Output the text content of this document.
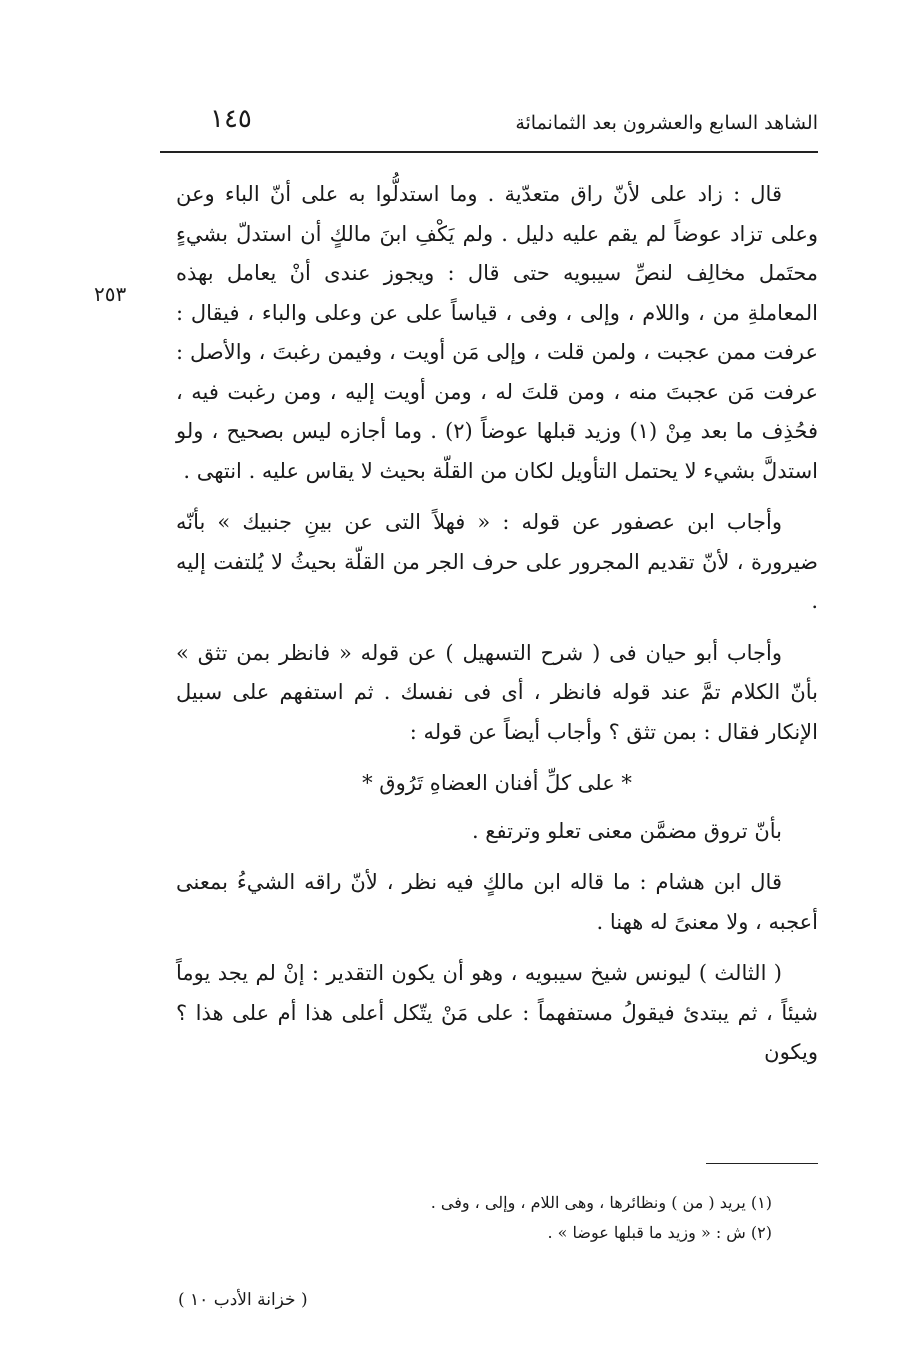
الشاهد السابع والعشرون بعد الثمانمائة
١٤٥
٢٥٣

قال : زاد على لأنّ راق متعدّية . وما استدلُّوا به على أنّ الباء وعن وعلى تزاد عوضاً لم يقم عليه دليل . ولم يَكْفِ ابنَ مالكٍ أن استدلّ بشيءٍ محتَمل مخالِف لنصِّ سيبويه حتى قال : ويجوز عندى أنْ يعامل بهذه المعاملةِ من ، واللام ، وإلى ، وفى ، قياساً على عن وعلى والباء ، فيقال : عرفت ممن عجبت ، ولمن قلت ، وإلى مَن أويت ، وفيمن رغبتَ ، والأصل : عرفت مَن عجبتَ منه ، ومن قلتَ له ، ومن أويت إليه ، ومن رغبت فيه ، فحُذِف ما بعد مِنْ (١) وزيد قبلها عوضاً (٢) . وما أجازه ليس بصحيح ، ولو استدلَّ بشيء لا يحتمل التأويل لكان من القلّة بحيث لا يقاس عليه . انتهى .

وأجاب ابن عصفور عن قوله : « فهلاً التى عن بينِ جنبيك » بأنّه ضيرورة ، لأنّ تقديم المجرور على حرف الجر من القلّة بحيثُ لا يُلتفت إليه .

وأجاب أبو حيان فى ( شرح التسهيل ) عن قوله « فانظر بمن تثق » بأنّ الكلام تمَّ عند قوله فانظر ، أى فى نفسك . ثم استفهم على سبيل الإنكار فقال : بمن تثق ؟ وأجاب أيضاً عن قوله :

* على كلِّ أفنان العضاهِ تَرُوق *

بأنّ تروق مضمَّن معنى تعلو وترتفع .

قال ابن هشام : ما قاله ابن مالكٍ فيه نظر ، لأنّ راقه الشيءُ بمعنى أعجبه ، ولا معنىً له ههنا .

( الثالث ) ليونس شيخ سيبويه ، وهو أن يكون التقدير : إنْ لم يجد يوماً شيئاً ، ثم يبتدئ فيقولُ مستفهماً : على مَنْ يتّكل أعلى هذا أم على هذا ؟ ويكون

(١) يريد ( من ) ونظائرها ، وهى اللام ، وإلى ، وفى .
(٢) ش : « وزيد ما قبلها عوضا » .
( خزانة الأدب ١٠ )
